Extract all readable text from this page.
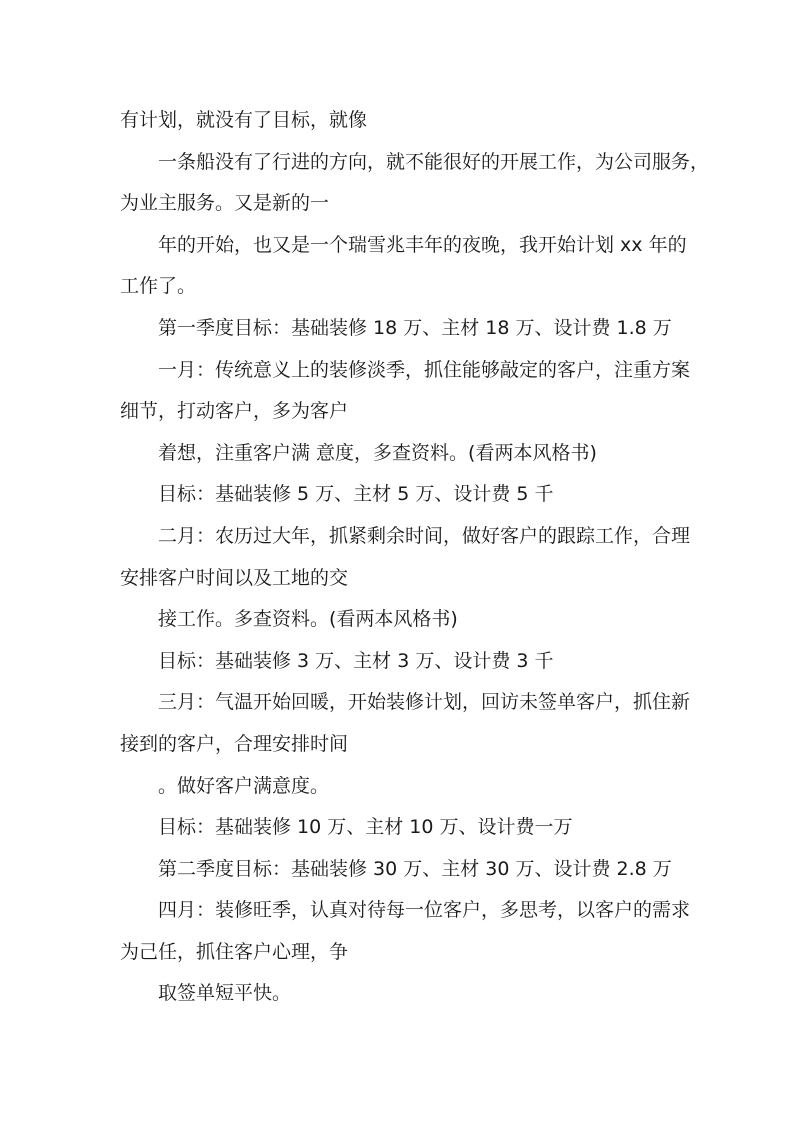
有计划，就没有了目标，就像
一条船没有了行进的方向，就不能很好的开展工作，为公司服务，
为业主服务。又是新的一
年的开始，也又是一个瑞雪兆丰年的夜晚，我开始计划 xx 年的
工作了。
第一季度目标：基础装修 18 万、主材 18 万、设计费 1.8 万
一月：传统意义上的装修淡季，抓住能够敲定的客户，注重方案
细节，打动客户，多为客户
着想，注重客户满 意度，多查资料。(看两本风格书)
目标：基础装修 5 万、主材 5 万、设计费 5 千
二月：农历过大年，抓紧剩余时间，做好客户的跟踪工作，合理
安排客户时间以及工地的交
接工作。多查资料。(看两本风格书)
目标：基础装修 3 万、主材 3 万、设计费 3 千
三月：气温开始回暖，开始装修计划，回访未签单客户，抓住新
接到的客户，合理安排时间
。做好客户满意度。
目标：基础装修 10 万、主材 10 万、设计费一万
第二季度目标：基础装修 30 万、主材 30 万、设计费 2.8 万
四月：装修旺季，认真对待每一位客户，多思考，以客户的需求
为己任，抓住客户心理，争
取签单短平快。
